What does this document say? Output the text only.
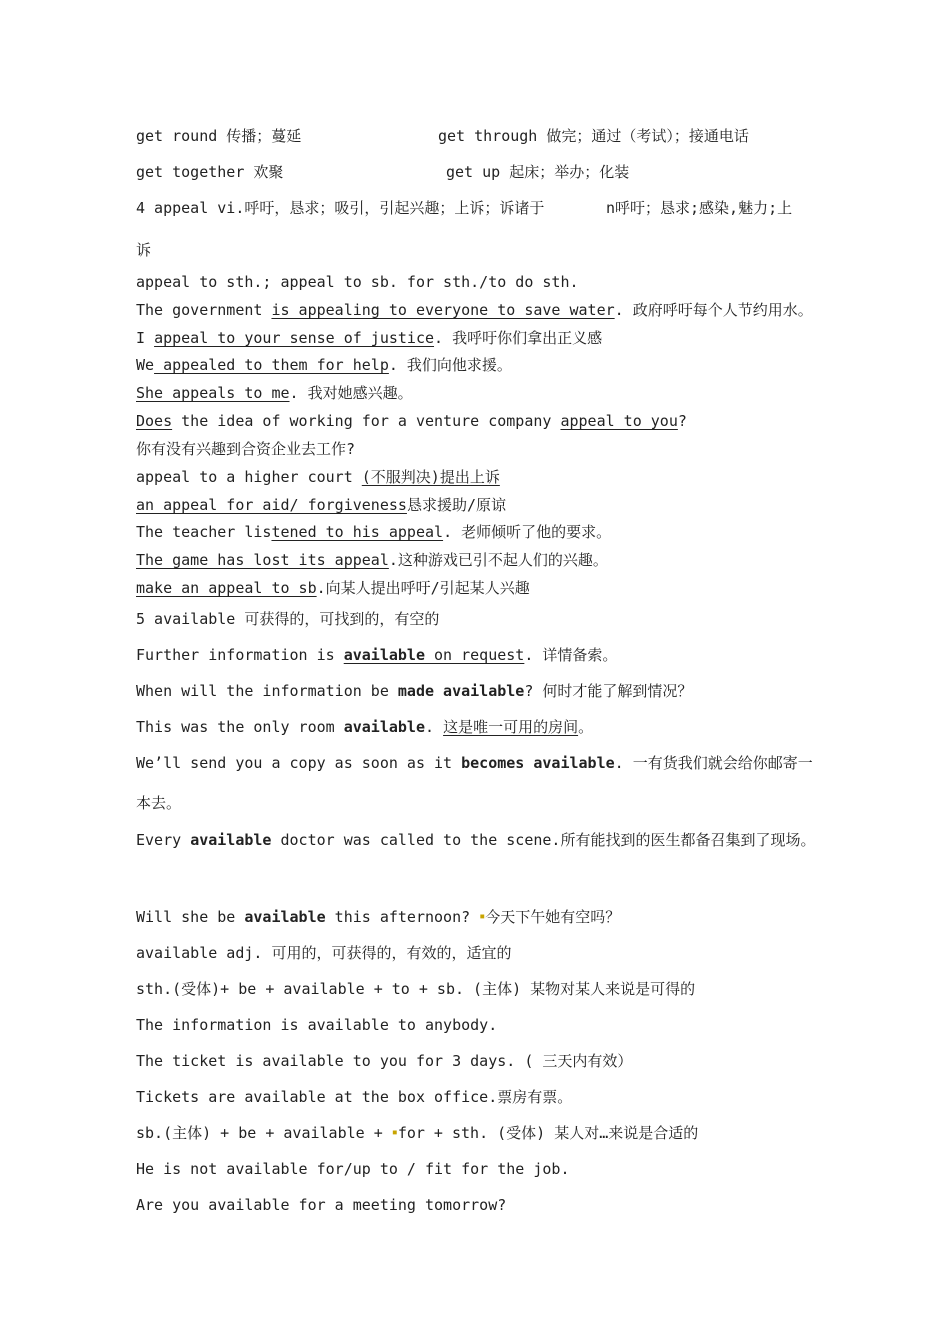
get round 传播；蔓延	get through 做完；通过（考试）；接通电话
get together 欢聚	get up 起床；举办；化装
4 appeal vi.呼吁，恳求；吸引，引起兴趣；上诉；诉诸于	n呼吁；恳求;感染,魅力;上
诉
appeal to sth.; appeal to sb. for sth./to do sth.
The government is appealing to everyone to save water. 政府呼吁每个人节约用水。
I appeal to your sense of justice. 我呼吁你们拿出正义感
We appealed to them for help. 我们向他求援。
She appeals to me. 我对她感兴趣。
Does the idea of working for a venture company appeal to you?
你有没有兴趣到合资企业去工作?
appeal to a higher court (不服判决)提出上诉
an appeal for aid/ forgiveness恳求援助/原谅
The teacher listened to his appeal. 老师倾听了他的要求。
The game has lost its appeal.这种游戏已引不起人们的兴趣。
make an appeal to sb.向某人提出呼吁/引起某人兴趣
5 available 可获得的，可找到的，有空的
Further information is available on request. 详情备索。
When will the information be made available? 何时才能了解到情况？
This was the only room available. 这是唯一可用的房间。
We’ll send you a copy as soon as it becomes available. 一有货我们就会给你邮寄一
本去。
Every available doctor was called to the scene.所有能找到的医生都备召集到了现场。
Will she be available this afternoon? ▪今天下午她有空吗？
available adj. 可用的，可获得的，有效的，适宜的
sth.(受体)+ be + available + to + sb. (主体) 某物对某人来说是可得的
The information is available to anybody.
The ticket is available to you for 3 days. ( 三天内有效）
Tickets are available at the box office.票房有票。
sb.(主体) + be + available + ▪for + sth. (受体) 某人对…来说是合适的
He is not available for/up to / fit for the job.
Are you available for a meeting tomorrow?
